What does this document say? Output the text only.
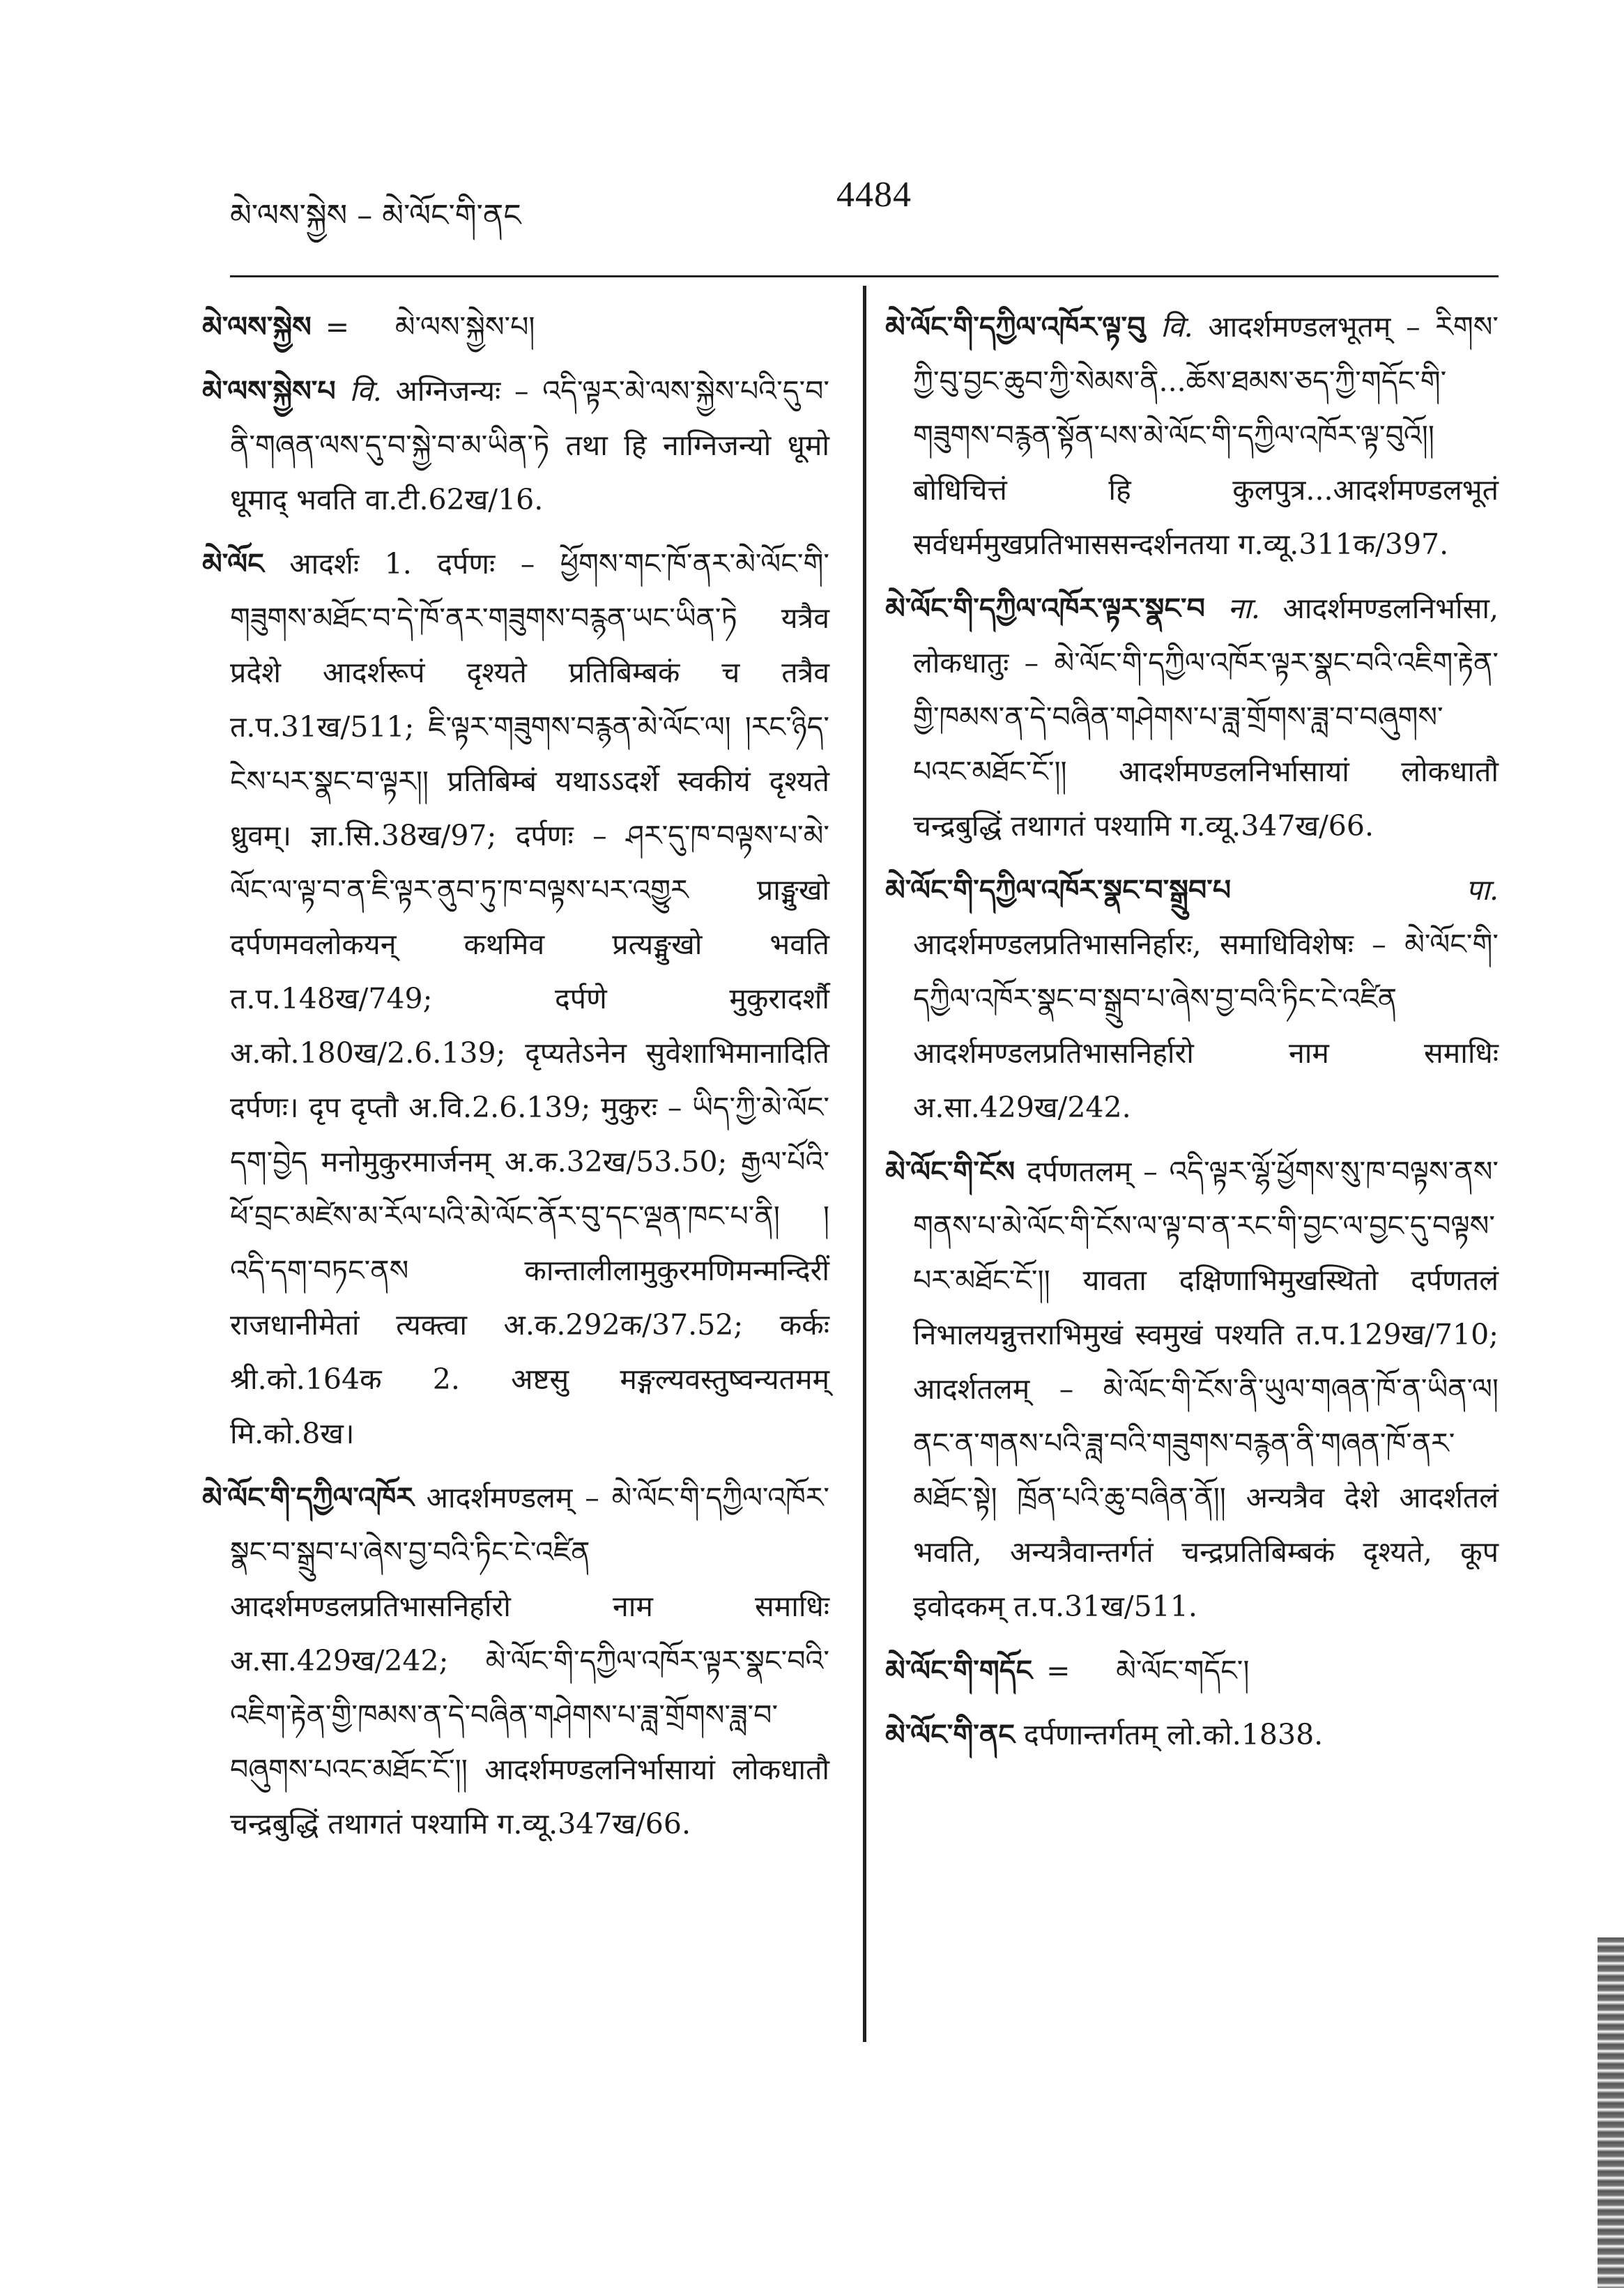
མེ་ལས་སྐྱེས – མེ་ལོང་གི་ནང
4484

མེ་ལས་སྐྱེས = མེ་ལས་སྐྱེས་པ།

མེ་ལས་སྐྱེས་པ वि. अग्निजन्यः – འདི་ལྟར་མེ་ལས་སྐྱེས་པའི་དུ་བ་ནི་གཞན་ལས་དུ་བ་སྐྱེ་བ་མ་ཡིན་ཏེ तथा हि नाग्निजन्यो धूमो धूमाद् भवति वा.टी.62ख/16.

མེ་ལོང आदर्शः 1. दर्पणः – ཕྱོགས་གང་ཁོ་ནར་མེ་ལོང་གི་གཟུགས་མཐོང་བ་དེ་ཁོ་ནར་གཟུགས་བརྙན་ཡང་ཡིན་ཏེ यत्रैव प्रदेशे आदर्शरूपं दृश्यते प्रतिबिम्बकं च तत्रैव त.प.31ख/511; ཇི་ལྟར་གཟུགས་བརྙན་མེ་ལོང་ལ། །རང་ཉིད་ངེས་པར་སྣང་བ་ལྟར།། प्रतिबिम्बं यथाऽऽदर्शे स्वकीयं दृश्यते ध्रुवम्। ज्ञा.सि.38ख/97; दर्पणः – ཤར་དུ་ཁ་བལྟས་པ་མེ་ལོང་ལ་ལྟ་བ་ན་ཇི་ལྟར་ནུབ་ཏུ་ཁ་བལྟས་པར་འགྱུར प्राङ्मुखो दर्पणमवलोकयन् कथमिव प्रत्यङ्मुखो भवति त.प.148ख/749; दर्पणे मुकुरादर्शौ अ.को.180ख/2.6.139; दृप्यतेऽनेन सुवेशाभिमानादिति दर्पणः। दृप दृप्तौ अ.वि.2.6.139; मुकुरः – ཡིད་ཀྱི་མེ་ལོང་དག་བྱེད मनोमुकुरमार्जनम् अ.क.32ख/53.50; རྒྱལ་པོའི་ཕོ་བྲང་མཛེས་མ་རོལ་པའི་མེ་ལོང་ནོར་བུ་དང་ལྡན་ཁང་པ་ནི། །འདི་དག་བཏང་ནས कान्तालीलामुकुरमणिमन्मन्दिरीं राजधानीमेतां त्यक्त्वा अ.क.292क/37.52; कर्कः श्री.को.164क 2. अष्टसु मङ्गल्यवस्तुष्वन्यतमम् मि.को.8ख।

མེ་ལོང་གི་དཀྱིལ་འཁོར आदर्शमण्डलम् – མེ་ལོང་གི་དཀྱིལ་འཁོར་སྣང་བ་སྒྲུབ་པ་ཞེས་བྱ་བའི་ཏིང་ངེ་འཛིན आदर्शमण्डलप्रतिभासनिर्हारो नाम समाधिः अ.सा.429ख/242; མེ་ལོང་གི་དཀྱིལ་འཁོར་ལྟར་སྣང་བའི་འཇིག་རྟེན་གྱི་ཁམས་ན་དེ་བཞིན་གཤེགས་པ་ཟླ་གྲོགས་ཟླ་བ་བཞུགས་པའང་མཐོང་ངོ་།། आदर्शमण्डलनिर्भासायां लोकधातौ चन्द्रबुद्धिं तथागतं पश्यामि ग.व्यू.347ख/66.

མེ་ལོང་གི་དཀྱིལ་འཁོར་ལྟ་བུ वि. आदर्शमण्डलभूतम् – རིགས་ཀྱི་བུ་བྱང་ཆུབ་ཀྱི་སེམས་ནི...ཆོས་ཐམས་ཅད་ཀྱི་གདོང་གི་གཟུགས་བརྙན་སྟོན་པས་མེ་ལོང་གི་དཀྱིལ་འཁོར་ལྟ་བུའོ།། बोधिचित्तं हि कुलपुत्र...आदर्शमण्डलभूतं सर्वधर्ममुखप्रतिभाससन्दर्शनतया ग.व्यू.311क/397.

མེ་ལོང་གི་དཀྱིལ་འཁོར་ལྟར་སྣང་བ ना. आदर्शमण्डलनिर्भासा, लोकधातुः – མེ་ལོང་གི་དཀྱིལ་འཁོར་ལྟར་སྣང་བའི་འཇིག་རྟེན་གྱི་ཁམས་ན་དེ་བཞིན་གཤེགས་པ་ཟླ་གྲོགས་ཟླ་བ་བཞུགས་པའང་མཐོང་ངོ་།། आदर्शमण्डलनिर्भासायां लोकधातौ चन्द्रबुद्धिं तथागतं पश्यामि ग.व्यू.347ख/66.

མེ་ལོང་གི་དཀྱིལ་འཁོར་སྣང་བ་སྒྲུབ་པ	पा. आदर्शमण्डलप्रतिभासनिर्हारः, समाधिविशेषः – མེ་ལོང་གི་དཀྱིལ་འཁོར་སྣང་བ་སྒྲུབ་པ་ཞེས་བྱ་བའི་ཏིང་ངེ་འཛིན आदर्शमण्डलप्रतिभासनिर्हारो नाम समाधिः अ.सा.429ख/242.

མེ་ལོང་གི་ངོས दर्पणतलम् – འདི་ལྟར་ལྷོ་ཕྱོགས་སུ་ཁ་བལྟས་ནས་གནས་པ་མེ་ལོང་གི་ངོས་ལ་ལྟ་བ་ན་རང་གི་བྱང་ལ་བྱང་དུ་བལྟས་པར་མཐོང་ངོ་།། यावता दक्षिणाभिमुखस्थितो दर्पणतलं निभालयन्नुत्तराभिमुखं स्वमुखं पश्यति त.प.129ख/710; आदर्शतलम् – མེ་ལོང་གི་ངོས་ནི་ཡུལ་གཞན་ཁོ་ན་ཡིན་ལ། ནང་ན་གནས་པའི་ཟླ་བའི་གཟུགས་བརྙན་ནི་གཞན་ཁོ་ནར་མཐོང་སྟེ། ཁྲོན་པའི་ཆུ་བཞིན་ནོ།། अन्यत्रैव देशे आदर्शतलं भवति, अन्यत्रैवान्तर्गतं चन्द्रप्रतिबिम्बकं दृश्यते, कूप इवोदकम् त.प.31ख/511.

མེ་ལོང་གི་གདོང = མེ་ལོང་གདོང་།

མེ་ལོང་གི་ནང दर्पणान्तर्गतम् लो.को.1838.
